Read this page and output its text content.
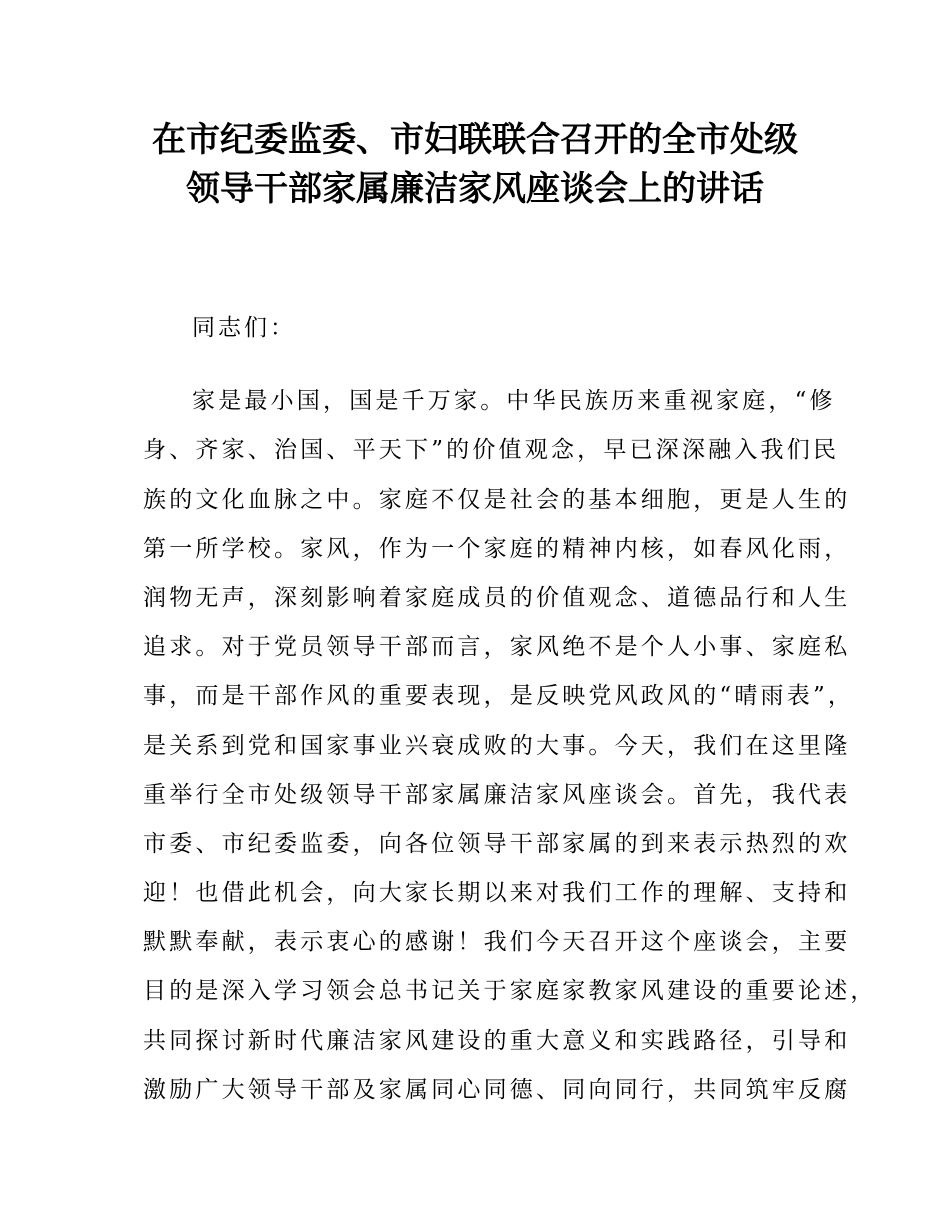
在市纪委监委、市妇联联合召开的全市处级
领导干部家属廉洁家风座谈会上的讲话
同志们：
家是最小国，国是千万家。中华民族历来重视家庭，“修
身、齐家、治国、平天下”的价值观念，早已深深融入我们民
族的文化血脉之中。家庭不仅是社会的基本细胞，更是人生的
第一所学校。家风，作为一个家庭的精神内核，如春风化雨，
润物无声，深刻影响着家庭成员的价值观念、道德品行和人生
追求。对于党员领导干部而言，家风绝不是个人小事、家庭私
事，而是干部作风的重要表现，是反映党风政风的“晴雨表”，
是关系到党和国家事业兴衰成败的大事。今天，我们在这里隆
重举行全市处级领导干部家属廉洁家风座谈会。首先，我代表
市委、市纪委监委，向各位领导干部家属的到来表示热烈的欢
迎！也借此机会，向大家长期以来对我们工作的理解、支持和
默默奉献，表示衷心的感谢！我们今天召开这个座谈会，主要
目的是深入学习领会总书记关于家庭家教家风建设的重要论述，
共同探讨新时代廉洁家风建设的重大意义和实践路径，引导和
激励广大领导干部及家属同心同德、同向同行，共同筑牢反腐
